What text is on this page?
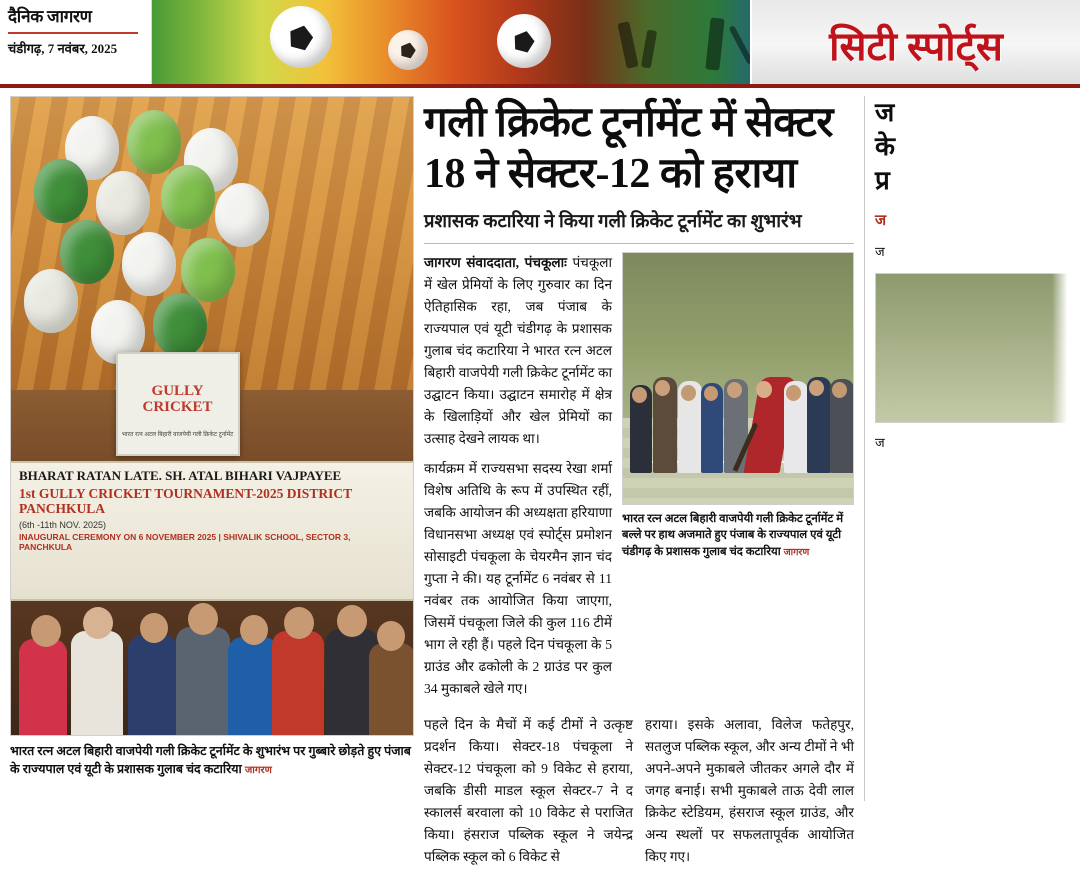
दैनिक जागरण
चंडीगढ़, 7 नवंबर, 2025	सिटी स्पोर्ट्स
GULLY
CRICKET
भारत रत्न अटल बिहारी वाजपेयी गली क्रिकेट टूर्नामेंट
BHARAT RATAN LATE. SH. ATAL BIHARI VAJPAYEE
1st GULLY CRICKET TOURNAMENT-2025 DISTRICT PANCHKULA
(6th -11th NOV. 2025)
INAUGURAL CEREMONY ON 6 NOVEMBER 2025 | SHIVALIK SCHOOL, SECTOR 3, PANCHKULA
भारत रत्न अटल बिहारी वाजपेयी गली क्रिकेट टूर्नामेंट के शुभारंभ पर गुब्बारे छोड़ते हुए पंजाब के राज्यपाल एवं यूटी के प्रशासक गुलाब चंद कटारिया जागरण
गली क्रिकेट टूर्नामेंट में सेक्टर
18 ने सेक्टर-12 को हराया
प्रशासक कटारिया ने किया गली क्रिकेट टूर्नामेंट का शुभारंभ

जागरण संवाददाता, पंचकूलाः पंचकूला में खेल प्रेमियों के लिए गुरुवार का दिन ऐतिहासिक रहा, जब पंजाब के राज्यपाल एवं यूटी चंडीगढ़ के प्रशासक गुलाब चंद कटारिया ने भारत रत्न अटल बिहारी वाजपेयी गली क्रिकेट टूर्नामेंट का उद्घाटन किया। उद्घाटन समारोह में क्षेत्र के खिलाड़ियों और खेल प्रेमियों का उत्साह देखने लायक था।

कार्यक्रम में राज्यसभा सदस्य रेखा शर्मा विशेष अतिथि के रूप में उपस्थित रहीं, जबकि आयोजन की अध्यक्षता हरियाणा विधानसभा अध्यक्ष एवं स्पोर्ट्स प्रमोशन सोसाइटी पंचकूला के चेयरमैन ज्ञान चंद गुप्ता ने की। यह टूर्नामेंट 6 नवंबर से 11 नवंबर तक आयोजित किया जाएगा, जिसमें पंचकूला जिले की कुल 116 टीमें भाग ले रही हैं। पहले दिन पंचकूला के 5 ग्राउंड और ढकोली के 2 ग्राउंड पर कुल 34 मुकाबले खेले गए।

भारत रत्न अटल बिहारी वाजपेयी गली क्रिकेट टूर्नामेंट में बल्ले पर हाथ अजमाते हुए पंजाब के राज्यपाल एवं यूटी चंडीगढ़ के प्रशासक गुलाब चंद कटारिया जागरण

पहले दिन के मैचों में कई टीमों ने उत्कृष्ट प्रदर्शन किया। सेक्टर-18 पंचकूला ने सेक्टर-12 पंचकूला को 9 विकेट से हराया, जबकि डीसी माडल स्कूल सेक्टर-7 ने द स्कालर्स बरवाला को 10 विकेट से पराजित किया। हंसराज पब्लिक स्कूल ने जयेन्द्र पब्लिक स्कूल को 6 विकेट से

हराया। इसके अलावा, विलेज फतेहपुर, सतलुज पब्लिक स्कूल, और अन्य टीमों ने भी अपने-अपने मुकाबले जीतकर अगले दौर में जगह बनाई। सभी मुकाबले ताऊ देवी लाल क्रिकेट स्टेडियम, हंसराज स्कूल ग्राउंड, और अन्य स्थलों पर सफलतापूर्वक आयोजित किए गए।

ज
के
प्र
ज
ज
ज
